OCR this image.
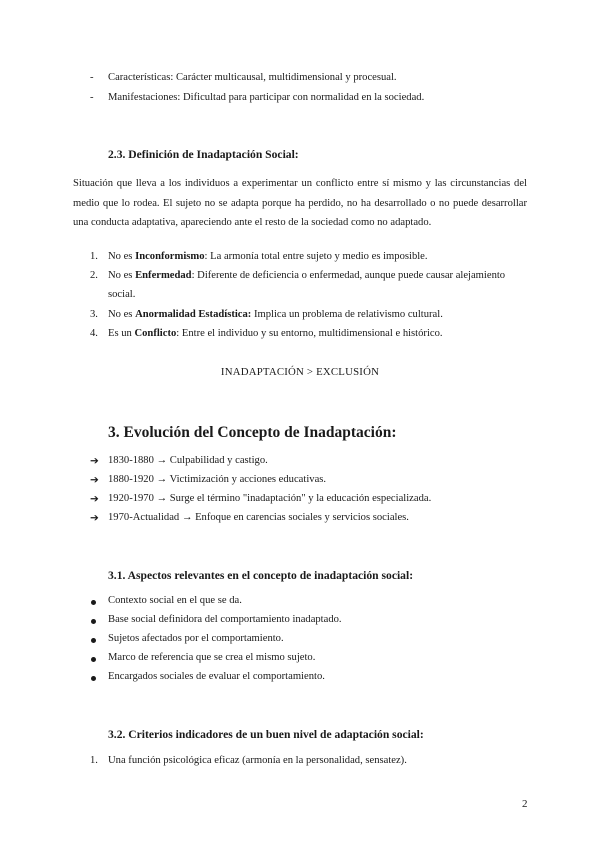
- Características: Carácter multicausal, multidimensional y procesual.
- Manifestaciones: Dificultad para participar con normalidad en la sociedad.
2.3. Definición de Inadaptación Social:
Situación que lleva a los individuos a experimentar un conflicto entre sí mismo y las circunstancias del medio que lo rodea. El sujeto no se adapta porque ha perdido, no ha desarrollado o no puede desarrollar una conducta adaptativa, apareciendo ante el resto de la sociedad como no adaptado.
1. No es Inconformismo: La armonía total entre sujeto y medio es imposible.
2. No es Enfermedad: Diferente de deficiencia o enfermedad, aunque puede causar alejamiento social.
3. No es Anormalidad Estadística: Implica un problema de relativismo cultural.
4. Es un Conflicto: Entre el individuo y su entorno, multidimensional e histórico.
INADAPTACIÓN > EXCLUSIÓN
3. Evolución del Concepto de Inadaptación:
➔ 1830-1880 → Culpabilidad y castigo.
➔ 1880-1920 → Victimización y acciones educativas.
➔ 1920-1970 → Surge el término "inadaptación" y la educación especializada.
➔ 1970-Actualidad → Enfoque en carencias sociales y servicios sociales.
3.1. Aspectos relevantes en el concepto de inadaptación social:
Contexto social en el que se da.
Base social definidora del comportamiento inadaptado.
Sujetos afectados por el comportamiento.
Marco de referencia que se crea el mismo sujeto.
Encargados sociales de evaluar el comportamiento.
3.2. Criterios indicadores de un buen nivel de adaptación social:
1. Una función psicológica eficaz (armonía en la personalidad, sensatez).
2
